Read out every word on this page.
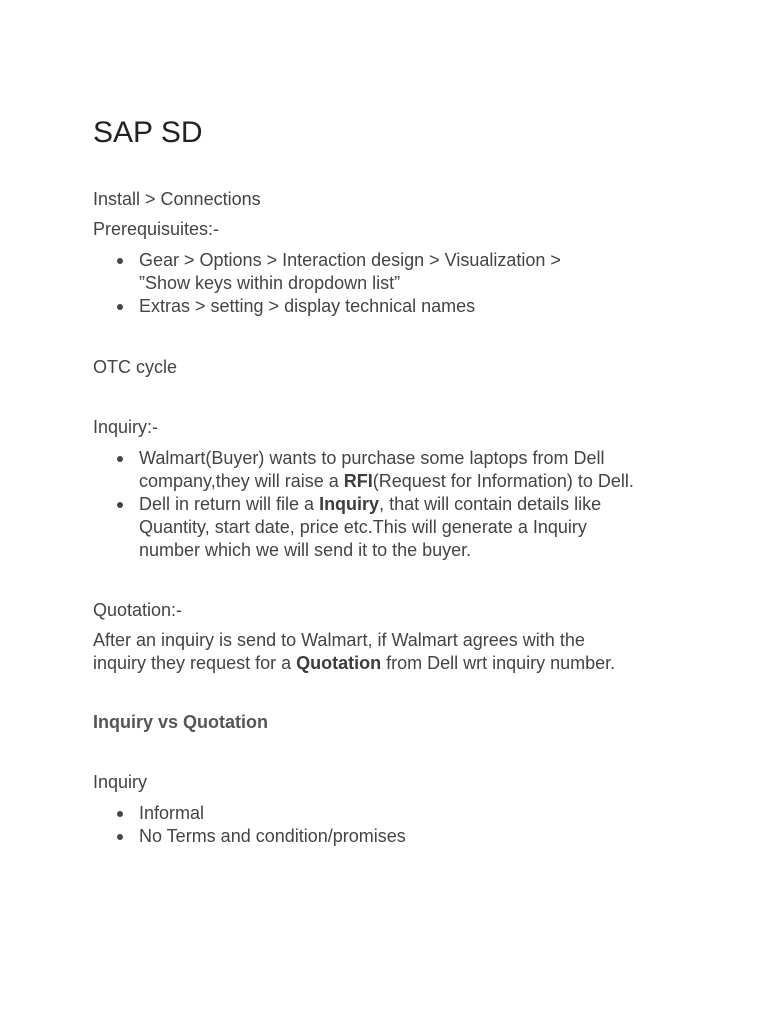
SAP SD

Install > Connections

Prerequisuites:-

Gear > Options > Interaction design > Visualization >
”Show keys within dropdown list”
Extras > setting > display technical names

OTC cycle

Inquiry:-

Walmart(Buyer) wants to purchase some laptops from Dell
company,they will raise a RFI(Request for Information) to Dell.
Dell in return will file a Inquiry, that will contain details like
Quantity, start date, price etc.This will generate a Inquiry
number which we will send it to the buyer.

Quotation:-

After an inquiry is send to Walmart, if Walmart agrees with the
inquiry they request for a Quotation from Dell wrt inquiry number.

Inquiry vs Quotation

Inquiry

Informal
No Terms and condition/promises
